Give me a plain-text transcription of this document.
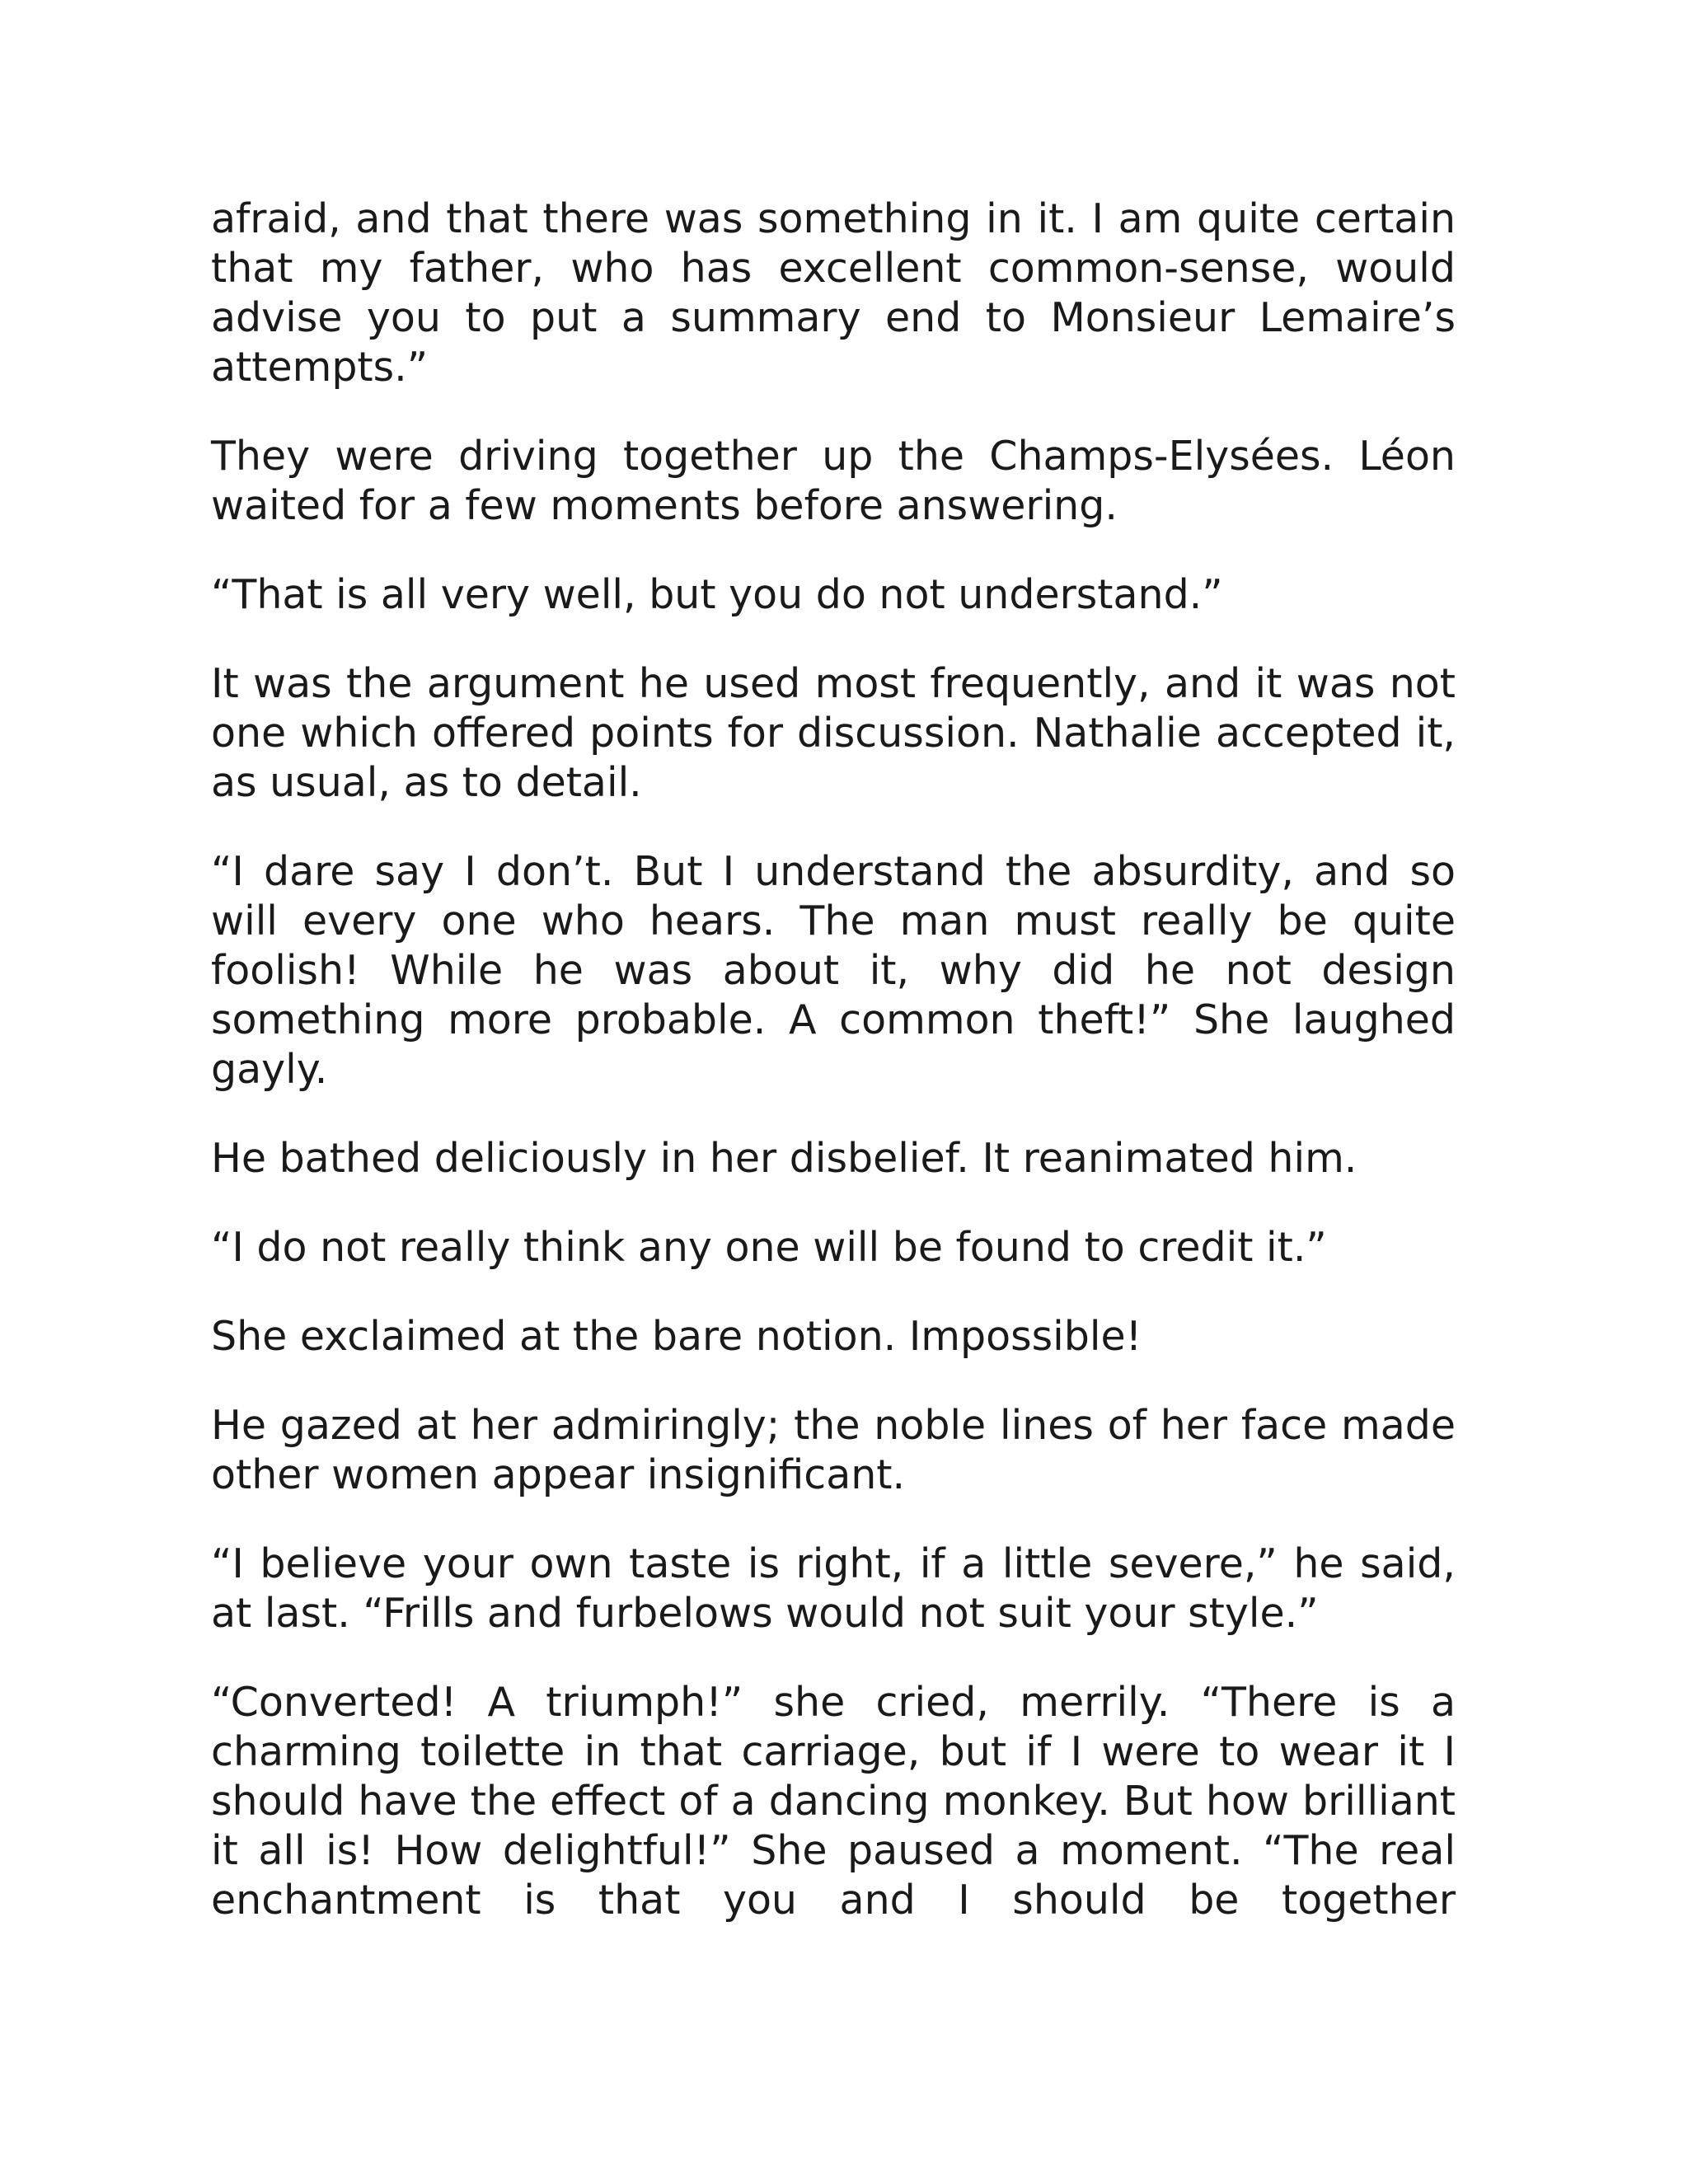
afraid, and that there was something in it. I am quite certain that my father, who has excellent common-sense, would advise you to put a summary end to Monsieur Lemaire’s attempts.”

They were driving together up the Champs-Elysées. Léon waited for a few moments before answering.

“That is all very well, but you do not understand.”

It was the argument he used most frequently, and it was not one which offered points for discussion. Nathalie accepted it, as usual, as to detail.

“I dare say I don’t. But I understand the absurdity, and so will every one who hears. The man must really be quite foolish! While he was about it, why did he not design something more probable. A common theft!” She laughed gayly.

He bathed deliciously in her disbelief. It reanimated him.

“I do not really think any one will be found to credit it.”

She exclaimed at the bare notion. Impossible!

He gazed at her admiringly; the noble lines of her face made other women appear insignificant.

“I believe your own taste is right, if a little severe,” he said, at last. “Frills and furbelows would not suit your style.”

“Converted! A triumph!” she cried, merrily. “There is a charming toilette in that carriage, but if I were to wear it I should have the effect of a dancing monkey. But how brilliant it all is! How delightful!” She paused a moment. “The real enchantment is that you and I should be together
